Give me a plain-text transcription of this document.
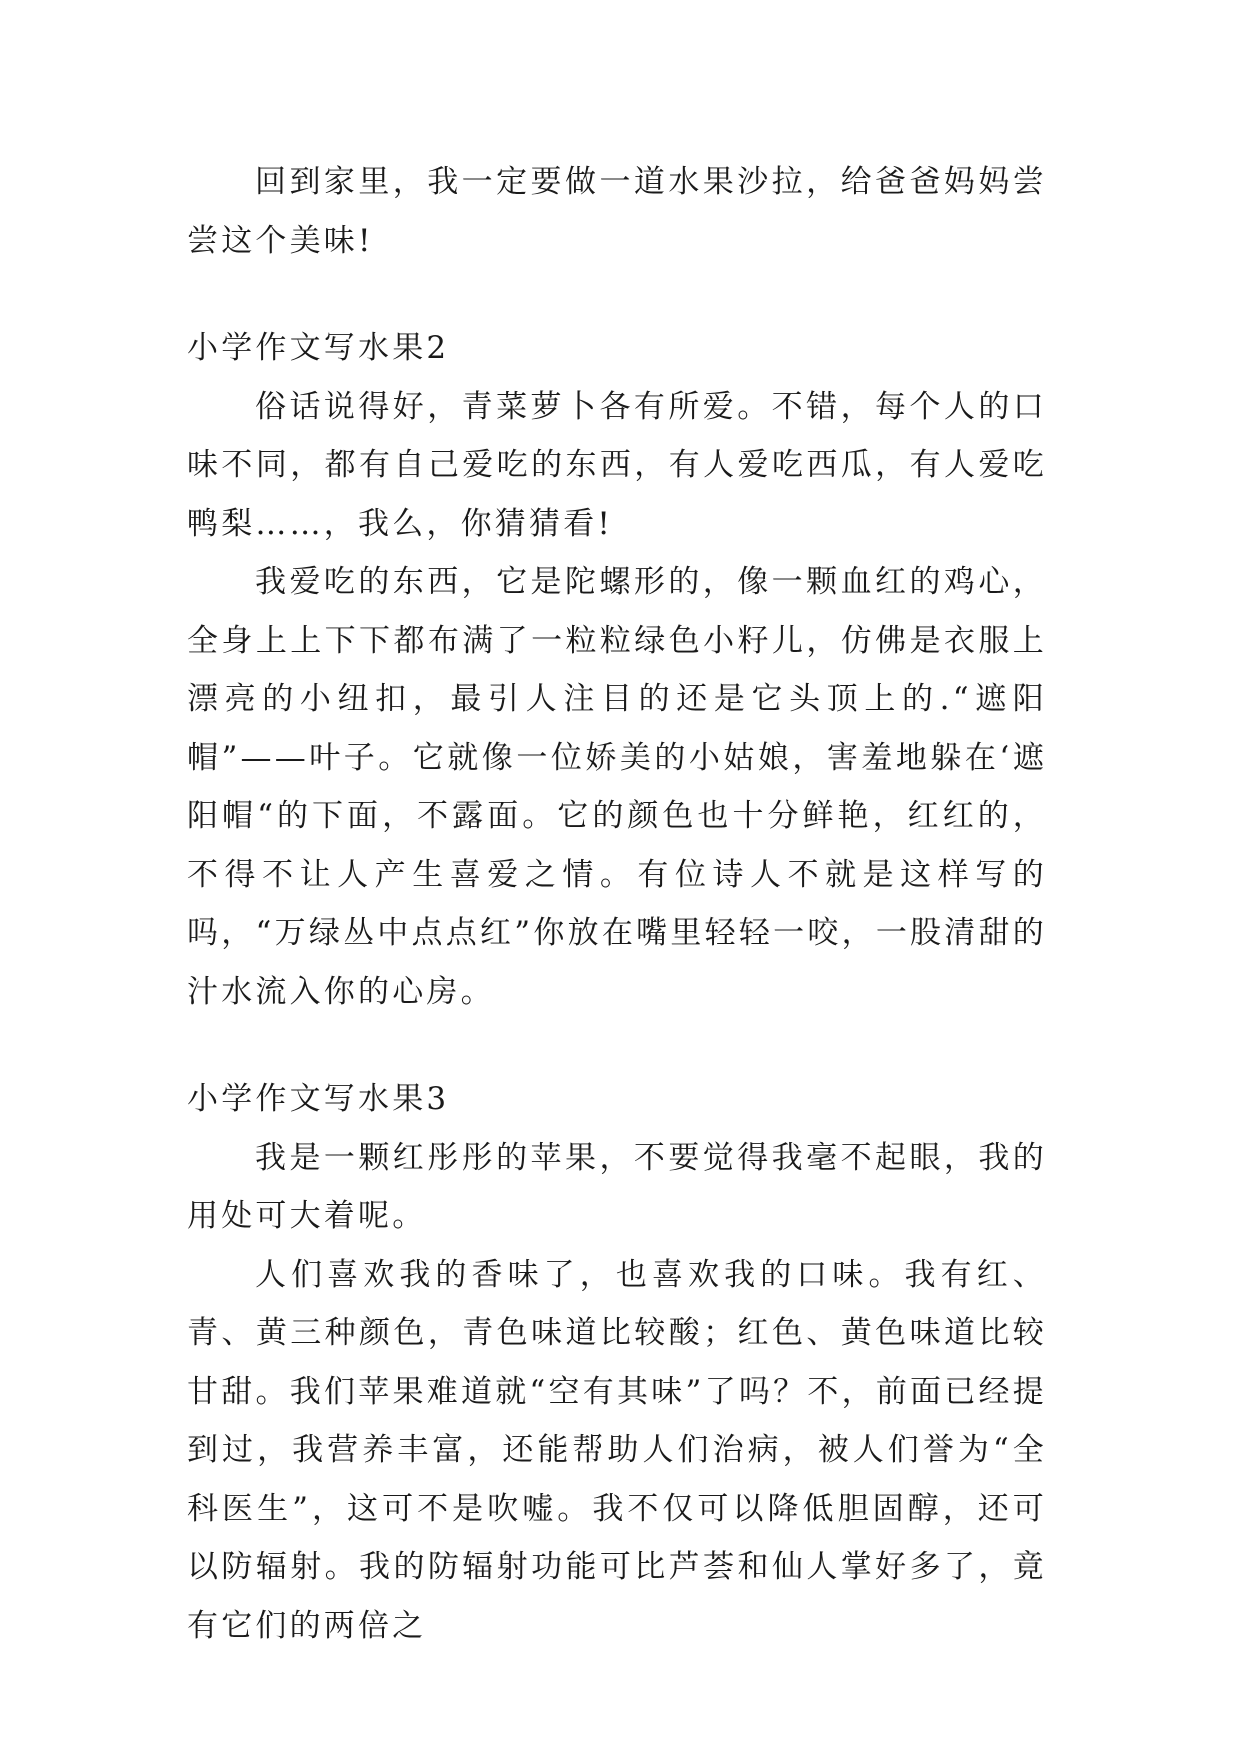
回到家里，我一定要做一道水果沙拉，给爸爸妈妈尝尝这个美味!

小学作文写水果2

俗话说得好，青菜萝卜各有所爱。不错，每个人的口味不同，都有自己爱吃的东西，有人爱吃西瓜，有人爱吃鸭梨……，我么，你猜猜看!

我爱吃的东西，它是陀螺形的，像一颗血红的鸡心，全身上上下下都布满了一粒粒绿色小籽儿，仿佛是衣服上漂亮的小纽扣，最引人注目的还是它头顶上的.“遮阳帽”——叶子。它就像一位娇美的小姑娘，害羞地躲在‘遮阳帽“的下面，不露面。它的颜色也十分鲜艳，红红的，不得不让人产生喜爱之情。有位诗人不就是这样写的吗，“万绿丛中点点红”你放在嘴里轻轻一咬，一股清甜的汁水流入你的心房。

小学作文写水果3

我是一颗红彤彤的苹果，不要觉得我毫不起眼，我的用处可大着呢。

人们喜欢我的香味了，也喜欢我的口味。我有红、青、黄三种颜色，青色味道比较酸；红色、黄色味道比较甘甜。我们苹果难道就“空有其味”了吗？不，前面已经提到过，我营养丰富，还能帮助人们治病，被人们誉为“全科医生”，这可不是吹嘘。我不仅可以降低胆固醇，还可以防辐射。我的防辐射功能可比芦荟和仙人掌好多了，竟有它们的两倍之
